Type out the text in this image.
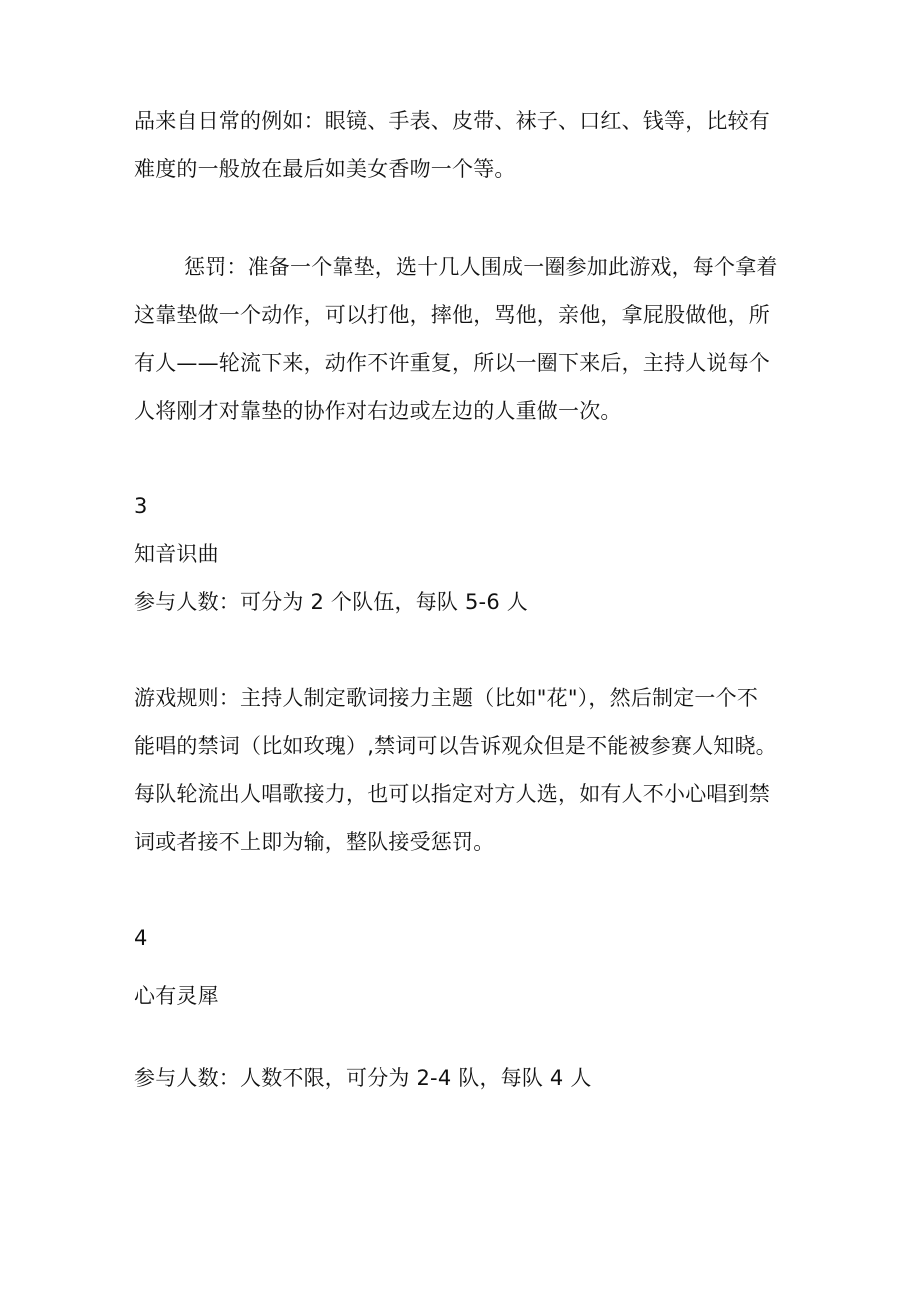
品来自日常的例如：眼镜、手表、皮带、袜子、口红、钱等，比较有
难度的一般放在最后如美女香吻一个等。
惩罚：准备一个靠垫，选十几人围成一圈参加此游戏，每个拿着
这靠垫做一个动作，可以打他，摔他，骂他，亲他，拿屁股做他，所
有人——轮流下来，动作不许重复，所以一圈下来后，主持人说每个
人将刚才对靠垫的协作对右边或左边的人重做一次。
3
知音识曲
参与人数：可分为 2 个队伍，每队 5-6 人
游戏规则：主持人制定歌词接力主题（比如"花"），然后制定一个不
能唱的禁词（比如玫瑰）,禁词可以告诉观众但是不能被参赛人知晓。
每队轮流出人唱歌接力，也可以指定对方人选，如有人不小心唱到禁
词或者接不上即为输，整队接受惩罚。
4
心有灵犀
参与人数：人数不限，可分为 2-4 队，每队 4 人
